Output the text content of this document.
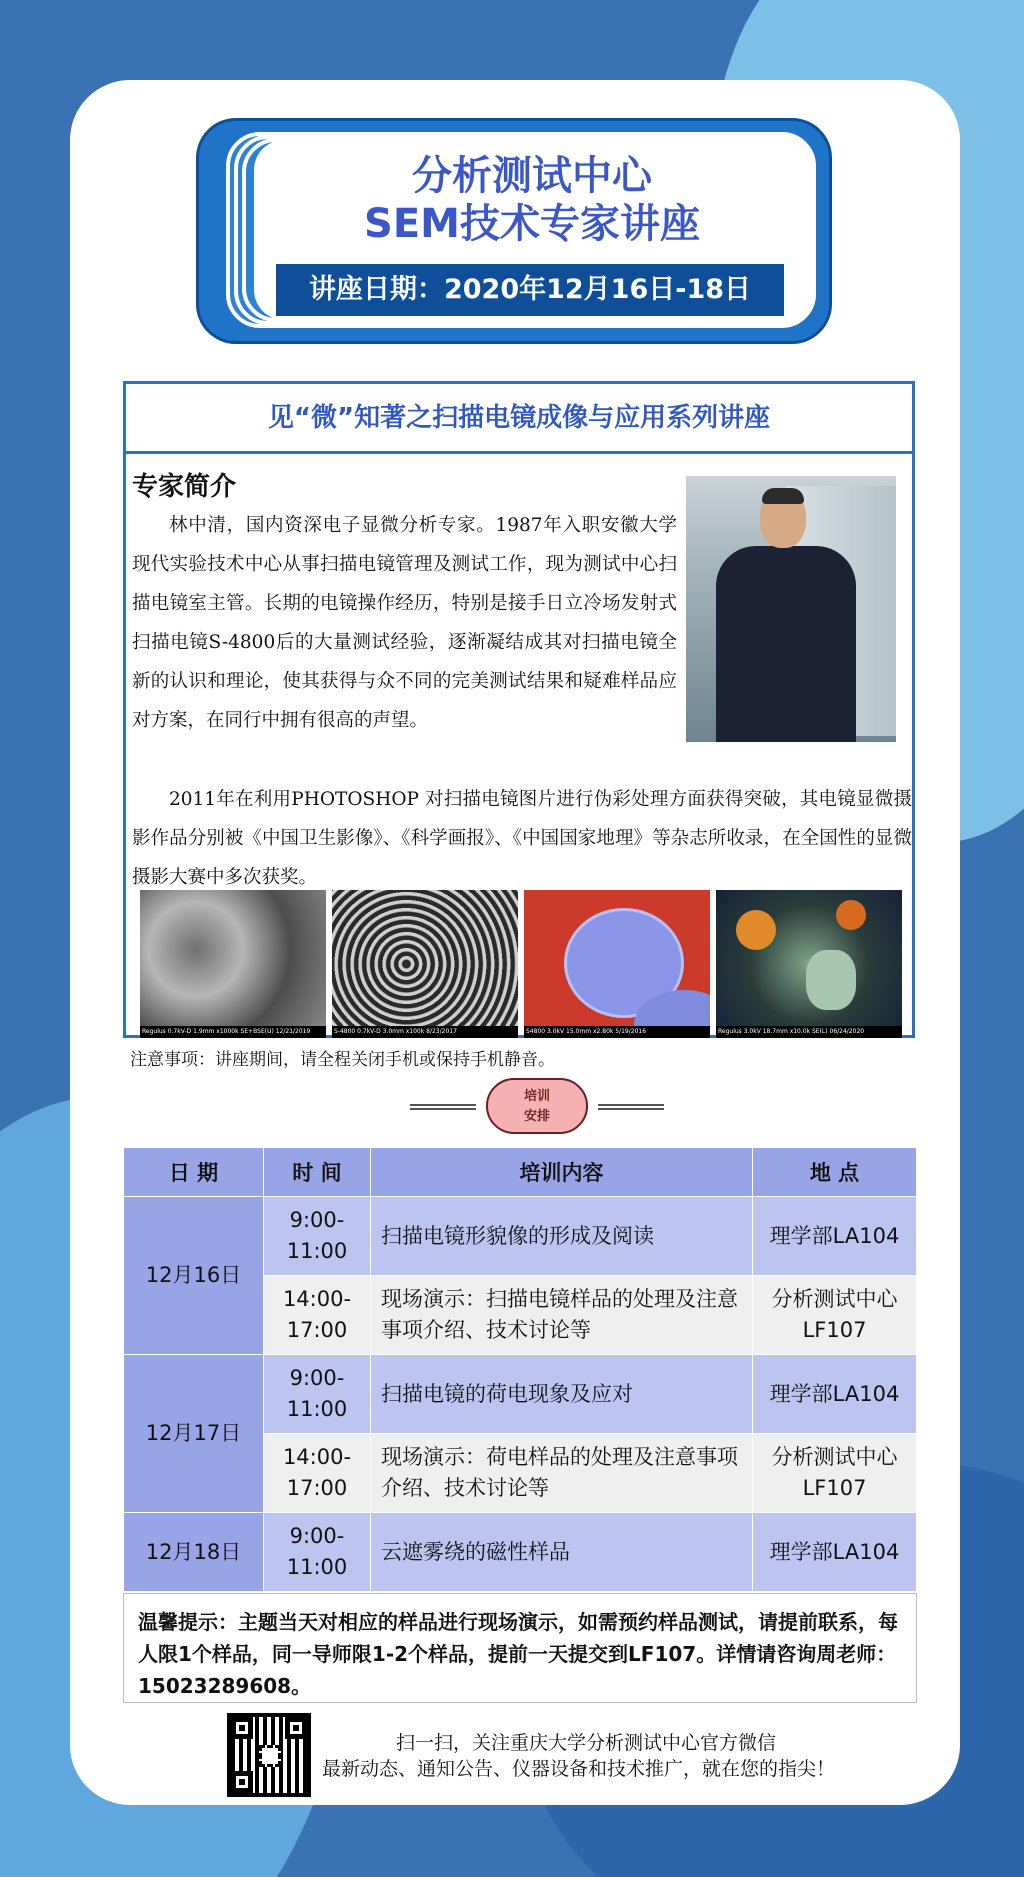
分析测试中心
SEM技术专家讲座
讲座日期：2020年12月16日-18日
见“微”知著之扫描电镜成像与应用系列讲座
专家简介

林中清，国内资深电子显微分析专家。1987年入职安徽大学现代实验技术中心从事扫描电镜管理及测试工作，现为测试中心扫描电镜室主管。长期的电镜操作经历，特别是接手日立冷场发射式扫描电镜S-4800后的大量测试经验，逐渐凝结成其对扫描电镜全新的认识和理论，使其获得与众不同的完美测试结果和疑难样品应对方案，在同行中拥有很高的声望。

2011年在利用PHOTOSHOP 对扫描电镜图片进行伪彩处理方面获得突破，其电镜显微摄影作品分别被《中国卫生影像》、《科学画报》、《中国国家地理》等杂志所收录，在全国性的显微摄影大赛中多次获奖。

Regulus 0.7kV-D 1.9mm x1000k SE+BSE(U) 12/21/2019	S-4800 0.7kV-D 3.0mm x100k 8/23/2017	S4800 3.0kV 15.0mm x2.80k 5/19/2016	Regulus 3.0kV 18.7mm x10.0k SE(L) 06/24/2020
注意事项：讲座期间，请全程关闭手机或保持手机静音。
培训
安排
日 期	时 间	培训内容	地 点
12月16日	9:00-
11:00	扫描电镜形貌像的形成及阅读	理学部LA104

	14:00-
17:00	现场演示：扫描电镜样品的处理及注意事项介绍、技术讨论等	分析测试中心LF107
12月17日	9:00-
11:00	扫描电镜的荷电现象及应对	理学部LA104

	14:00-
17:00	现场演示：荷电样品的处理及注意事项介绍、技术讨论等	分析测试中心LF107
12月18日	9:00-
11:00	云遮雾绕的磁性样品	理学部LA104
温馨提示：主题当天对相应的样品进行现场演示，如需预约样品测试，请提前联系，每人限1个样品，同一导师限1-2个样品，提前一天提交到LF107。详情请咨询周老师：15023289608。
扫一扫，关注重庆大学分析测试中心官方微信
最新动态、通知公告、仪器设备和技术推广，就在您的指尖！
